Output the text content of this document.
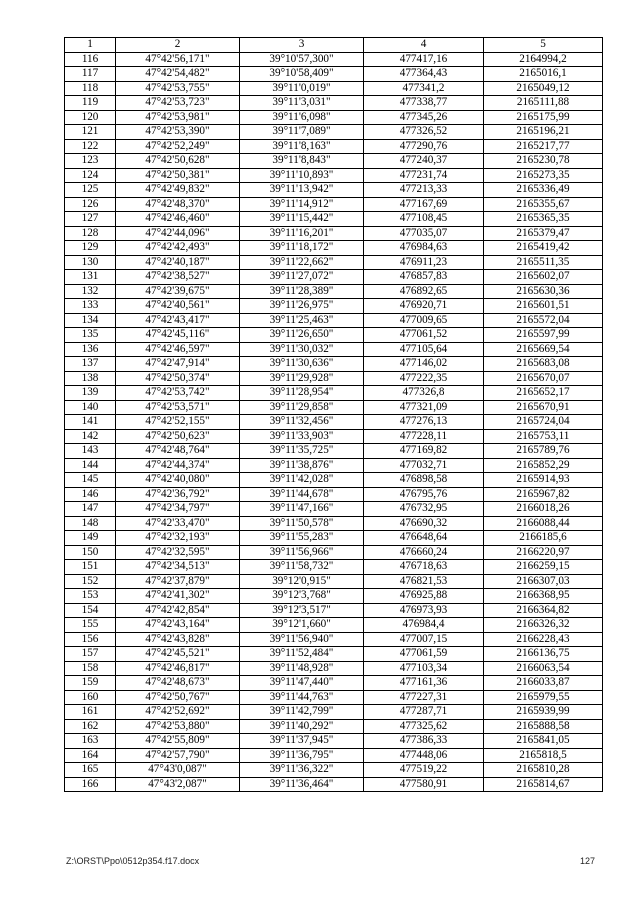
1	2	3	4	5
116	47°42'56,171"	39°10'57,300"	477417,16	2164994,2
117	47°42'54,482"	39°10'58,409"	477364,43	2165016,1
118	47°42'53,755"	39°11'0,019"	477341,2	2165049,12
119	47°42'53,723"	39°11'3,031"	477338,77	2165111,88
120	47°42'53,981"	39°11'6,098"	477345,26	2165175,99
121	47°42'53,390"	39°11'7,089"	477326,52	2165196,21
122	47°42'52,249"	39°11'8,163"	477290,76	2165217,77
123	47°42'50,628"	39°11'8,843"	477240,37	2165230,78
124	47°42'50,381"	39°11'10,893"	477231,74	2165273,35
125	47°42'49,832"	39°11'13,942"	477213,33	2165336,49
126	47°42'48,370"	39°11'14,912"	477167,69	2165355,67
127	47°42'46,460"	39°11'15,442"	477108,45	2165365,35
128	47°42'44,096"	39°11'16,201"	477035,07	2165379,47
129	47°42'42,493"	39°11'18,172"	476984,63	2165419,42
130	47°42'40,187"	39°11'22,662"	476911,23	2165511,35
131	47°42'38,527"	39°11'27,072"	476857,83	2165602,07
132	47°42'39,675"	39°11'28,389"	476892,65	2165630,36
133	47°42'40,561"	39°11'26,975"	476920,71	2165601,51
134	47°42'43,417"	39°11'25,463"	477009,65	2165572,04
135	47°42'45,116"	39°11'26,650"	477061,52	2165597,99
136	47°42'46,597"	39°11'30,032"	477105,64	2165669,54
137	47°42'47,914"	39°11'30,636"	477146,02	2165683,08
138	47°42'50,374"	39°11'29,928"	477222,35	2165670,07
139	47°42'53,742"	39°11'28,954"	477326,8	2165652,17
140	47°42'53,571"	39°11'29,858"	477321,09	2165670,91
141	47°42'52,155"	39°11'32,456"	477276,13	2165724,04
142	47°42'50,623"	39°11'33,903"	477228,11	2165753,11
143	47°42'48,764"	39°11'35,725"	477169,82	2165789,76
144	47°42'44,374"	39°11'38,876"	477032,71	2165852,29
145	47°42'40,080"	39°11'42,028"	476898,58	2165914,93
146	47°42'36,792"	39°11'44,678"	476795,76	2165967,82
147	47°42'34,797"	39°11'47,166"	476732,95	2166018,26
148	47°42'33,470"	39°11'50,578"	476690,32	2166088,44
149	47°42'32,193"	39°11'55,283"	476648,64	2166185,6
150	47°42'32,595"	39°11'56,966"	476660,24	2166220,97
151	47°42'34,513"	39°11'58,732"	476718,63	2166259,15
152	47°42'37,879"	39°12'0,915"	476821,53	2166307,03
153	47°42'41,302"	39°12'3,768"	476925,88	2166368,95
154	47°42'42,854"	39°12'3,517"	476973,93	2166364,82
155	47°42'43,164"	39°12'1,660"	476984,4	2166326,32
156	47°42'43,828"	39°11'56,940"	477007,15	2166228,43
157	47°42'45,521"	39°11'52,484"	477061,59	2166136,75
158	47°42'46,817"	39°11'48,928"	477103,34	2166063,54
159	47°42'48,673"	39°11'47,440"	477161,36	2166033,87
160	47°42'50,767"	39°11'44,763"	477227,31	2165979,55
161	47°42'52,692"	39°11'42,799"	477287,71	2165939,99
162	47°42'53,880"	39°11'40,292"	477325,62	2165888,58
163	47°42'55,809"	39°11'37,945"	477386,33	2165841,05
164	47°42'57,790"	39°11'36,795"	477448,06	2165818,5
165	47°43'0,087"	39°11'36,322"	477519,22	2165810,28
166	47°43'2,087"	39°11'36,464"	477580,91	2165814,67
Z:\ORST\Ppo\0512p354.f17.docx	127
